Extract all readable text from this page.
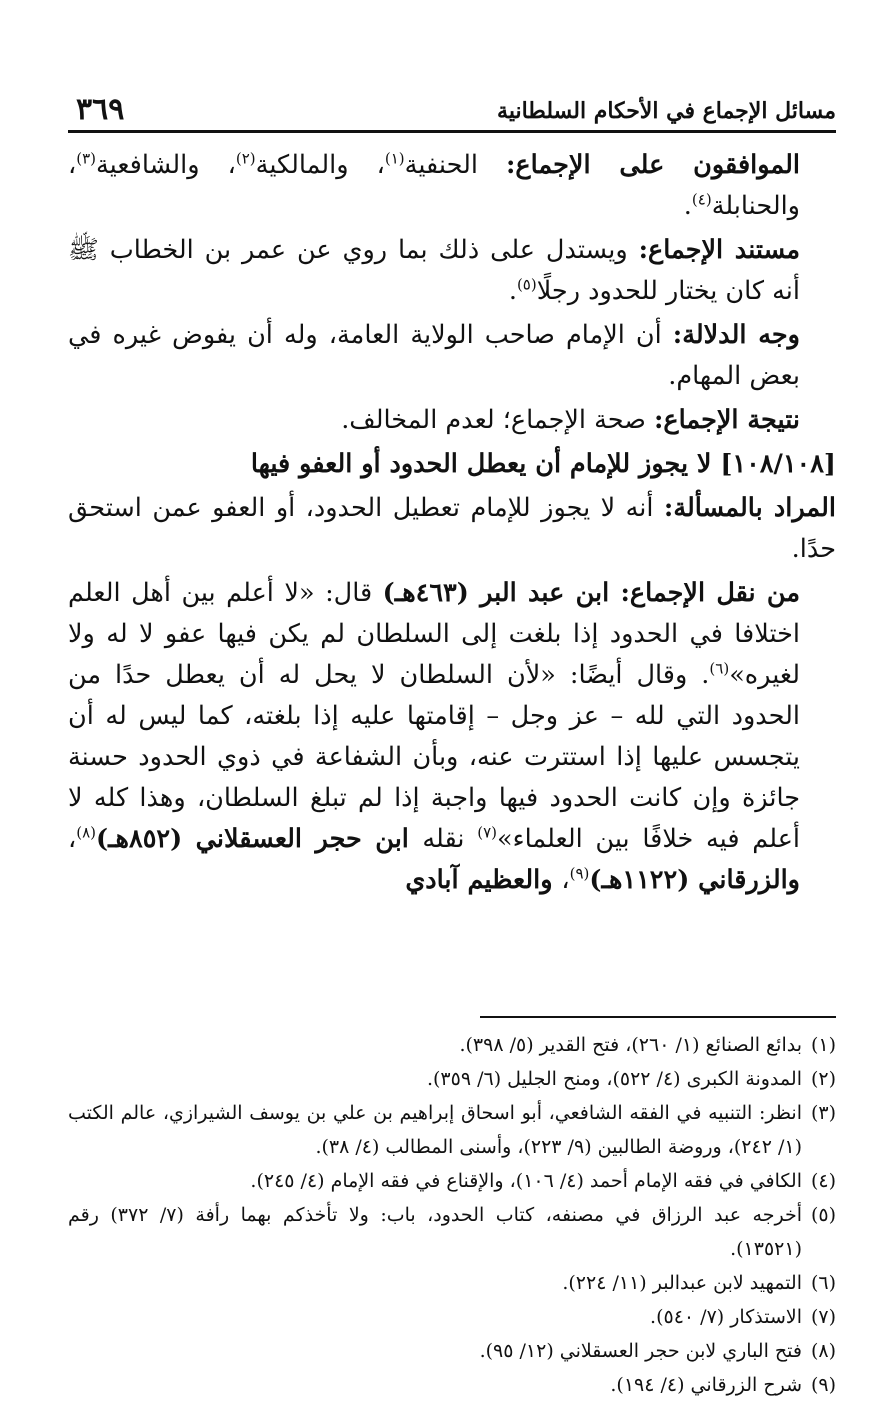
مسائل الإجماع في الأحكام السلطانية
٣٦٩

الموافقون على الإجماع: الحنفية$^{(١)}$، والمالكية$^{(٢)}$، والشافعية$^{(٣)}$، والحنابلة$^{(٤)}$.

مستند الإجماع: ويستدل على ذلك بما روي عن عمر بن الخطاب ﷺ أنه كان يختار للحدود رجلًا$^{(٥)}$.

وجه الدلالة: أن الإمام صاحب الولاية العامة، وله أن يفوض غيره في بعض المهام.

نتيجة الإجماع: صحة الإجماع؛ لعدم المخالف.

[١٠٨/١٠٨] لا يجوز للإمام أن يعطل الحدود أو العفو فيها

المراد بالمسألة: أنه لا يجوز للإمام تعطيل الحدود، أو العفو عمن استحق حدًا.

من نقل الإجماع: ابن عبد البر (٤٦٣هـ) قال: «لا أعلم بين أهل العلم اختلافا في الحدود إذا بلغت إلى السلطان لم يكن فيها عفو لا له ولا لغيره»$^{(٦)}$. وقال أيضًا: «لأن السلطان لا يحل له أن يعطل حدًا من الحدود التي لله – عز وجل – إقامتها عليه إذا بلغته، كما ليس له أن يتجسس عليها إذا استترت عنه، وبأن الشفاعة في ذوي الحدود حسنة جائزة وإن كانت الحدود فيها واجبة إذا لم تبلغ السلطان، وهذا كله لا أعلم فيه خلافًا بين العلماء»$^{(٧)}$ نقله ابن حجر العسقلاني (٨٥٢هـ)$^{(٨)}$، والزرقاني (١١٢٢هـ)$^{(٩)}$، والعظيم آبادي

(١)
بدائع الصنائع (١/ ٢٦٠)، فتح القدير (٥/ ٣٩٨).

(٢)
المدونة الكبرى (٤/ ٥٢٢)، ومنح الجليل (٦/ ٣٥٩).

(٣)
انظر: التنبيه في الفقه الشافعي، أبو اسحاق إبراهيم بن علي بن يوسف الشيرازي، عالم الكتب (١/ ٢٤٢)، وروضة الطالبين (٩/ ٢٢٣)، وأسنى المطالب (٤/ ٣٨).

(٤)
الكافي في فقه الإمام أحمد (٤/ ١٠٦)، والإقناع في فقه الإمام (٤/ ٢٤٥).

(٥)
أخرجه عبد الرزاق في مصنفه، كتاب الحدود، باب: ولا تأخذكم بهما رأفة (٧/ ٣٧٢) رقم (١٣٥٢١).

(٦)
التمهيد لابن عبدالبر (١١/ ٢٢٤).

(٧)
الاستذكار (٧/ ٥٤٠).

(٨)
فتح الباري لابن حجر العسقلاني (١٢/ ٩٥).

(٩)
شرح الزرقاني (٤/ ١٩٤).
